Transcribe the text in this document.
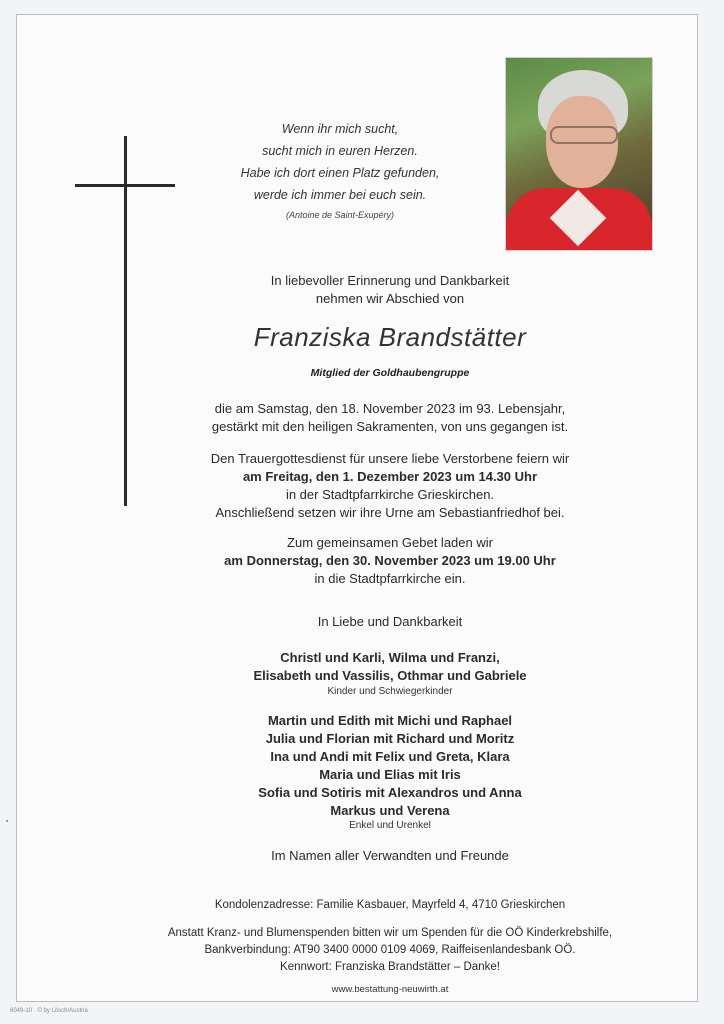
Wenn ihr mich sucht,
sucht mich in euren Herzen.
Habe ich dort einen Platz gefunden,
werde ich immer bei euch sein.
(Antoine de Saint-Exupéry)
In liebevoller Erinnerung und Dankbarkeit
nehmen wir Abschied von
Franziska Brandstätter
Mitglied der Goldhaubengruppe
die am Samstag, den 18. November 2023 im 93. Lebensjahr,
gestärkt mit den heiligen Sakramenten, von uns gegangen ist.
Den Trauergottesdienst für unsere liebe Verstorbene feiern wir
am Freitag, den 1. Dezember 2023 um 14.30 Uhr
in der Stadtpfarrkirche Grieskirchen.
Anschließend setzen wir ihre Urne am Sebastianfriedhof bei.
Zum gemeinsamen Gebet laden wir
am Donnerstag, den 30. November 2023 um 19.00 Uhr
in die Stadtpfarrkirche ein.
In Liebe und Dankbarkeit
Christl und Karli, Wilma und Franzi,
Elisabeth und Vassilis, Othmar und Gabriele
Kinder und Schwiegerkinder
Martin und Edith mit Michi und Raphael
Julia und Florian mit Richard und Moritz
Ina und Andi mit Felix und Greta, Klara
Maria und Elias mit Iris
Sofia und Sotiris mit Alexandros und Anna
Markus und Verena
Enkel und Urenkel
Im Namen aller Verwandten und Freunde
Kondolenzadresse: Familie Kasbauer, Mayrfeld 4, 4710 Grieskirchen
Anstatt Kranz- und Blumenspenden bitten wir um Spenden für die OÖ Kinderkrebshilfe,
Bankverbindung: AT90 3400 0000 0109 4069, Raiffeisenlandesbank OÖ.
Kennwort: Franziska Brandstätter – Danke!
www.bestattung-neuwirth.at
6049-10 · © by Lösch/Austria
